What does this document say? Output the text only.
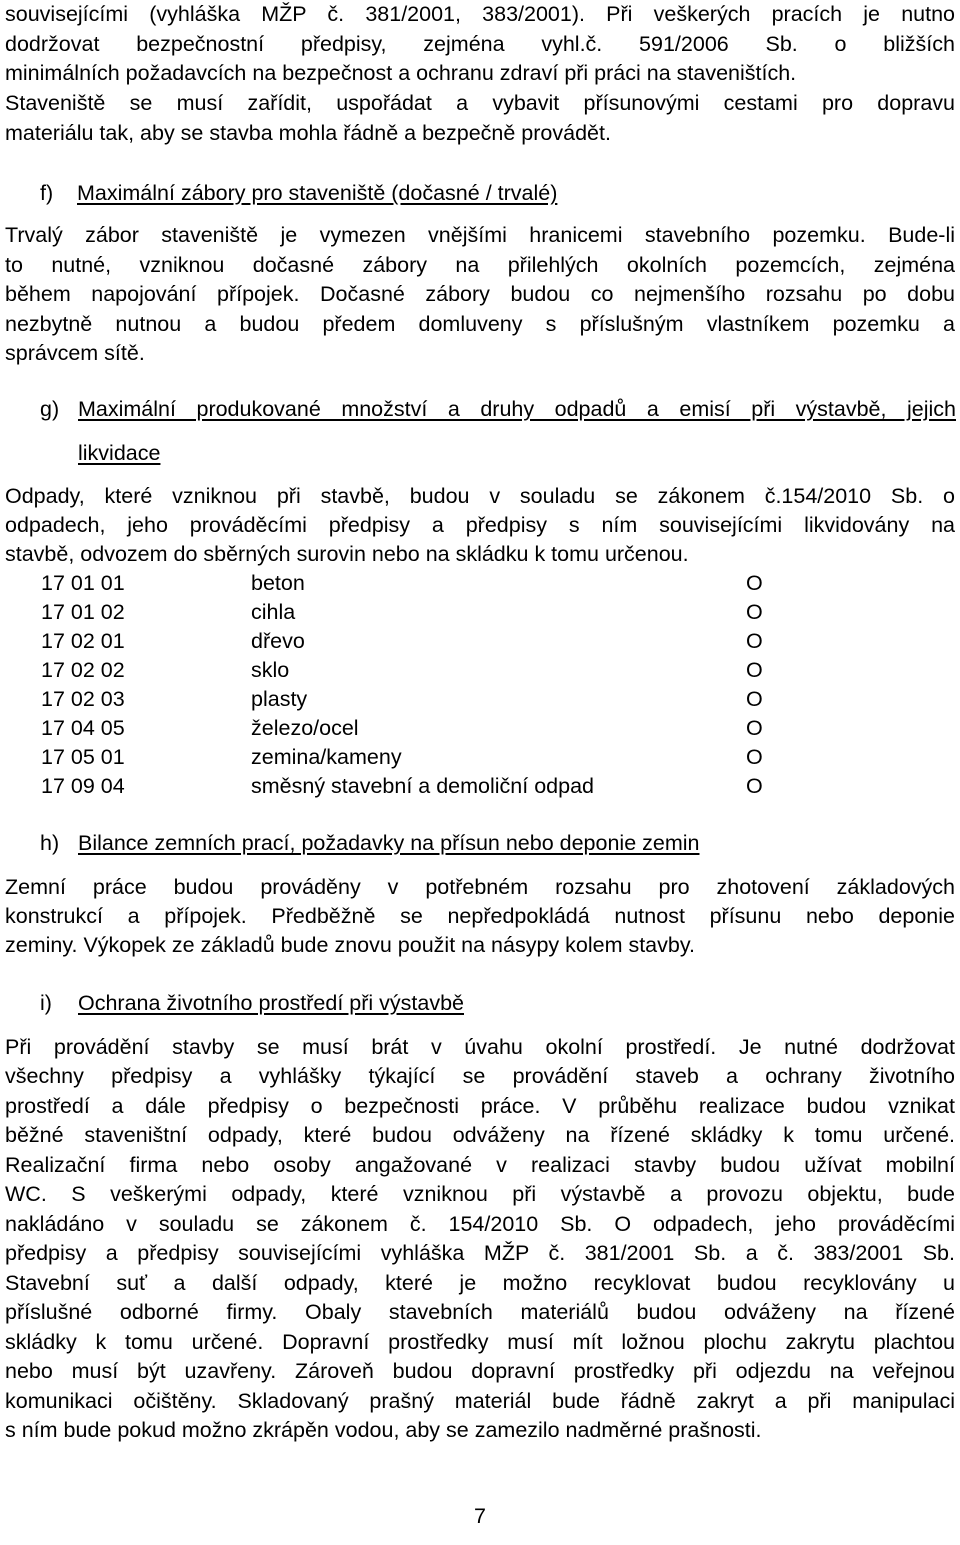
souvisejícími (vyhláška MŽP č. 381/2001, 383/2001). Při veškerých pracích je nutno
dodržovat bezpečnostní předpisy, zejména vyhl.č. 591/2006 Sb. o bližších
minimálních požadavcích na bezpečnost a ochranu zdraví při práci na staveništích.
Staveniště se musí zařídit, uspořádat a vybavit přísunovými cestami pro dopravu
materiálu tak, aby se stavba mohla řádně a bezpečně provádět.
f) Maximální zábory pro staveniště (dočasné / trvalé)
Trvalý zábor staveniště je vymezen vnějšími hranicemi stavebního pozemku. Bude-li
to nutné, vzniknou dočasné zábory na přilehlých okolních pozemcích, zejména
během napojování přípojek. Dočasné zábory budou co nejmenšího rozsahu po dobu
nezbytně nutnou a budou předem domluveny s příslušným vlastníkem pozemku a
správcem sítě.
g) Maximální produkované množství a druhy odpadů a emisí při výstavbě, jejich
likvidace
Odpady, které vzniknou při stavbě, budou v souladu se zákonem č.154/2010 Sb. o
odpadech, jeho prováděcími předpisy a předpisy s ním souvisejícími likvidovány na
stavbě, odvozem do sběrných surovin nebo na skládku k tomu určenou.
17 01 01	beton	O
17 01 02	cihla	O
17 02 01	dřevo	O
17 02 02	sklo	O
17 02 03	plasty	O
17 04 05	železo/ocel	O
17 05 01	zemina/kameny	O
17 09 04	směsný stavební a demoliční odpad	O
h) Bilance zemních prací, požadavky na přísun nebo deponie zemin
Zemní práce budou prováděny v potřebném rozsahu pro zhotovení základových
konstrukcí a přípojek. Předběžně se nepředpokládá nutnost přísunu nebo deponie
zeminy. Výkopek ze základů bude znovu použit na násypy kolem stavby.
i) Ochrana životního prostředí při výstavbě
Při provádění stavby se musí brát v úvahu okolní prostředí. Je nutné dodržovat
všechny předpisy a vyhlášky týkající se provádění staveb a ochrany životního
prostředí a dále předpisy o bezpečnosti práce. V průběhu realizace budou vznikat
běžné staveništní odpady, které budou odváženy na řízené skládky k tomu určené.
Realizační firma nebo osoby angažované v realizaci stavby budou užívat mobilní
WC. S veškerými odpady, které vzniknou při výstavbě a provozu objektu, bude
nakládáno v souladu se zákonem č. 154/2010 Sb. O odpadech, jeho prováděcími
předpisy a předpisy souvisejícími vyhláška MŽP č. 381/2001 Sb. a č. 383/2001 Sb.
Stavební suť a další odpady, které je možno recyklovat budou recyklovány u
příslušné odborné firmy. Obaly stavebních materiálů budou odváženy na řízené
skládky k tomu určené. Dopravní prostředky musí mít ložnou plochu zakrytu plachtou
nebo musí být uzavřeny. Zároveň budou dopravní prostředky při odjezdu na veřejnou
komunikaci očištěny. Skladovaný prašný materiál bude řádně zakryt a při manipulaci
s ním bude pokud možno zkrápěn vodou, aby se zamezilo nadměrné prašnosti.
7
